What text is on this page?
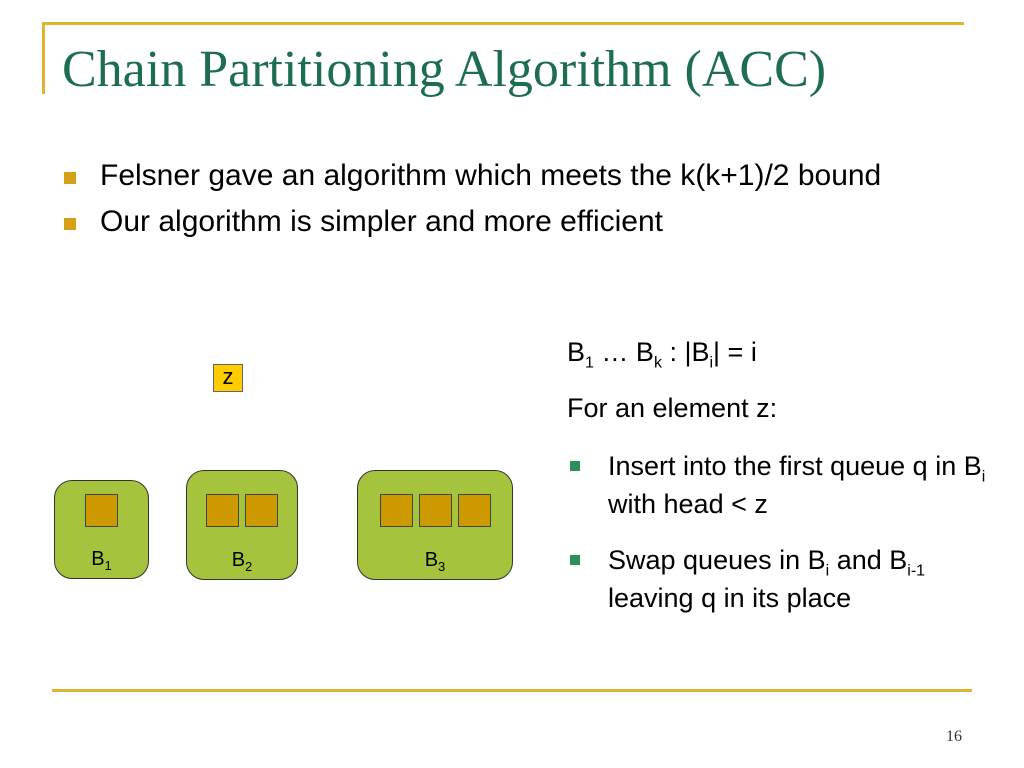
Chain Partitioning Algorithm (ACC)
Felsner gave an algorithm which meets the k(k+1)/2 bound
Our algorithm is simpler and more efficient
z
$B_1$	$B_2$	$B_3$

$B_1$ … $B_k$ : $|B_i| = i$

For an element z:

Insert into the first queue q in $B_i$ with head < z
Swap queues in $B_i$ and $B_{i-1}$ leaving q in its place
16
